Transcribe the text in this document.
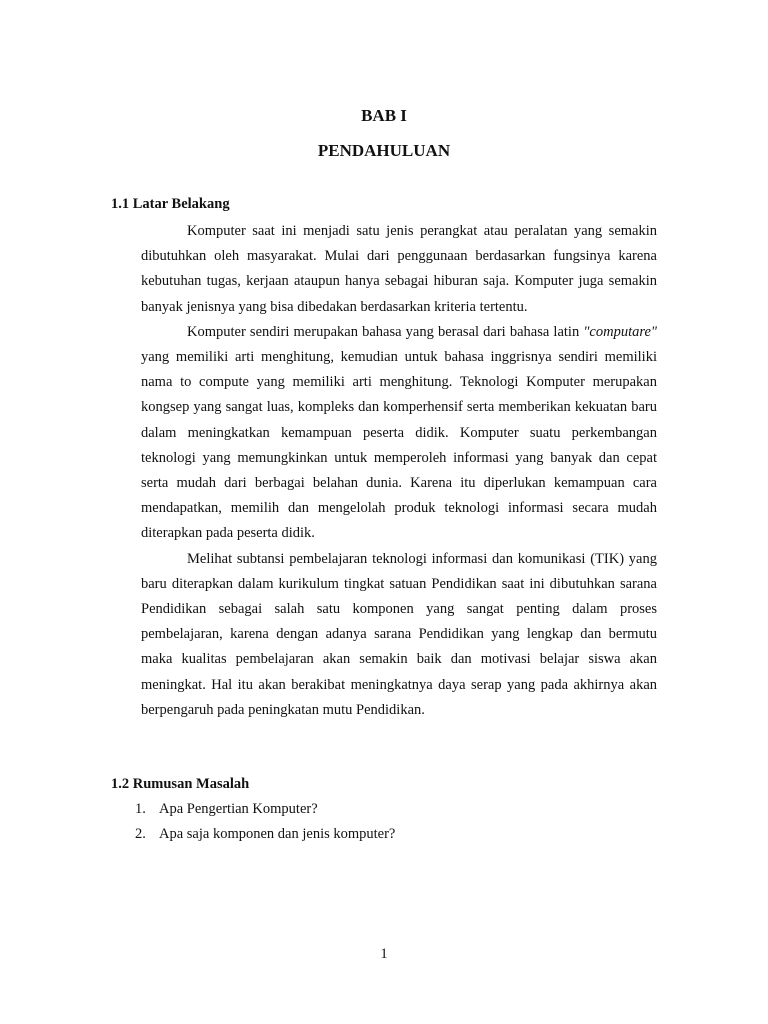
BAB I
PENDAHULUAN
1.1 Latar Belakang

Komputer saat ini menjadi satu jenis perangkat atau peralatan yang semakin dibutuhkan oleh masyarakat. Mulai dari penggunaan berdasarkan fungsinya karena kebutuhan tugas, kerjaan ataupun hanya sebagai hiburan saja. Komputer juga semakin banyak jenisnya yang bisa dibedakan berdasarkan kriteria tertentu.

Komputer sendiri merupakan bahasa yang berasal dari bahasa latin "computare" yang memiliki arti menghitung, kemudian untuk bahasa inggrisnya sendiri memiliki nama to compute yang memiliki arti menghitung. Teknologi Komputer merupakan kongsep yang sangat luas, kompleks dan komperhensif serta memberikan kekuatan baru dalam meningkatkan kemampuan peserta didik. Komputer suatu perkembangan teknologi yang memungkinkan untuk memperoleh informasi yang banyak dan cepat serta mudah dari berbagai belahan dunia. Karena itu diperlukan kemampuan cara mendapatkan, memilih dan mengelolah produk teknologi informasi secara mudah diterapkan pada peserta didik.

Melihat subtansi pembelajaran teknologi informasi dan komunikasi (TIK) yang baru diterapkan dalam kurikulum tingkat satuan Pendidikan saat ini dibutuhkan sarana Pendidikan sebagai salah satu komponen yang sangat penting dalam proses pembelajaran, karena dengan adanya sarana Pendidikan yang lengkap dan bermutu maka kualitas pembelajaran akan semakin baik dan motivasi belajar siswa akan meningkat. Hal itu akan berakibat meningkatnya daya serap yang pada akhirnya akan berpengaruh pada peningkatan mutu Pendidikan.

1.2 Rumusan Masalah
1. Apa Pengertian Komputer?
2. Apa saja komponen dan jenis komputer?
1
